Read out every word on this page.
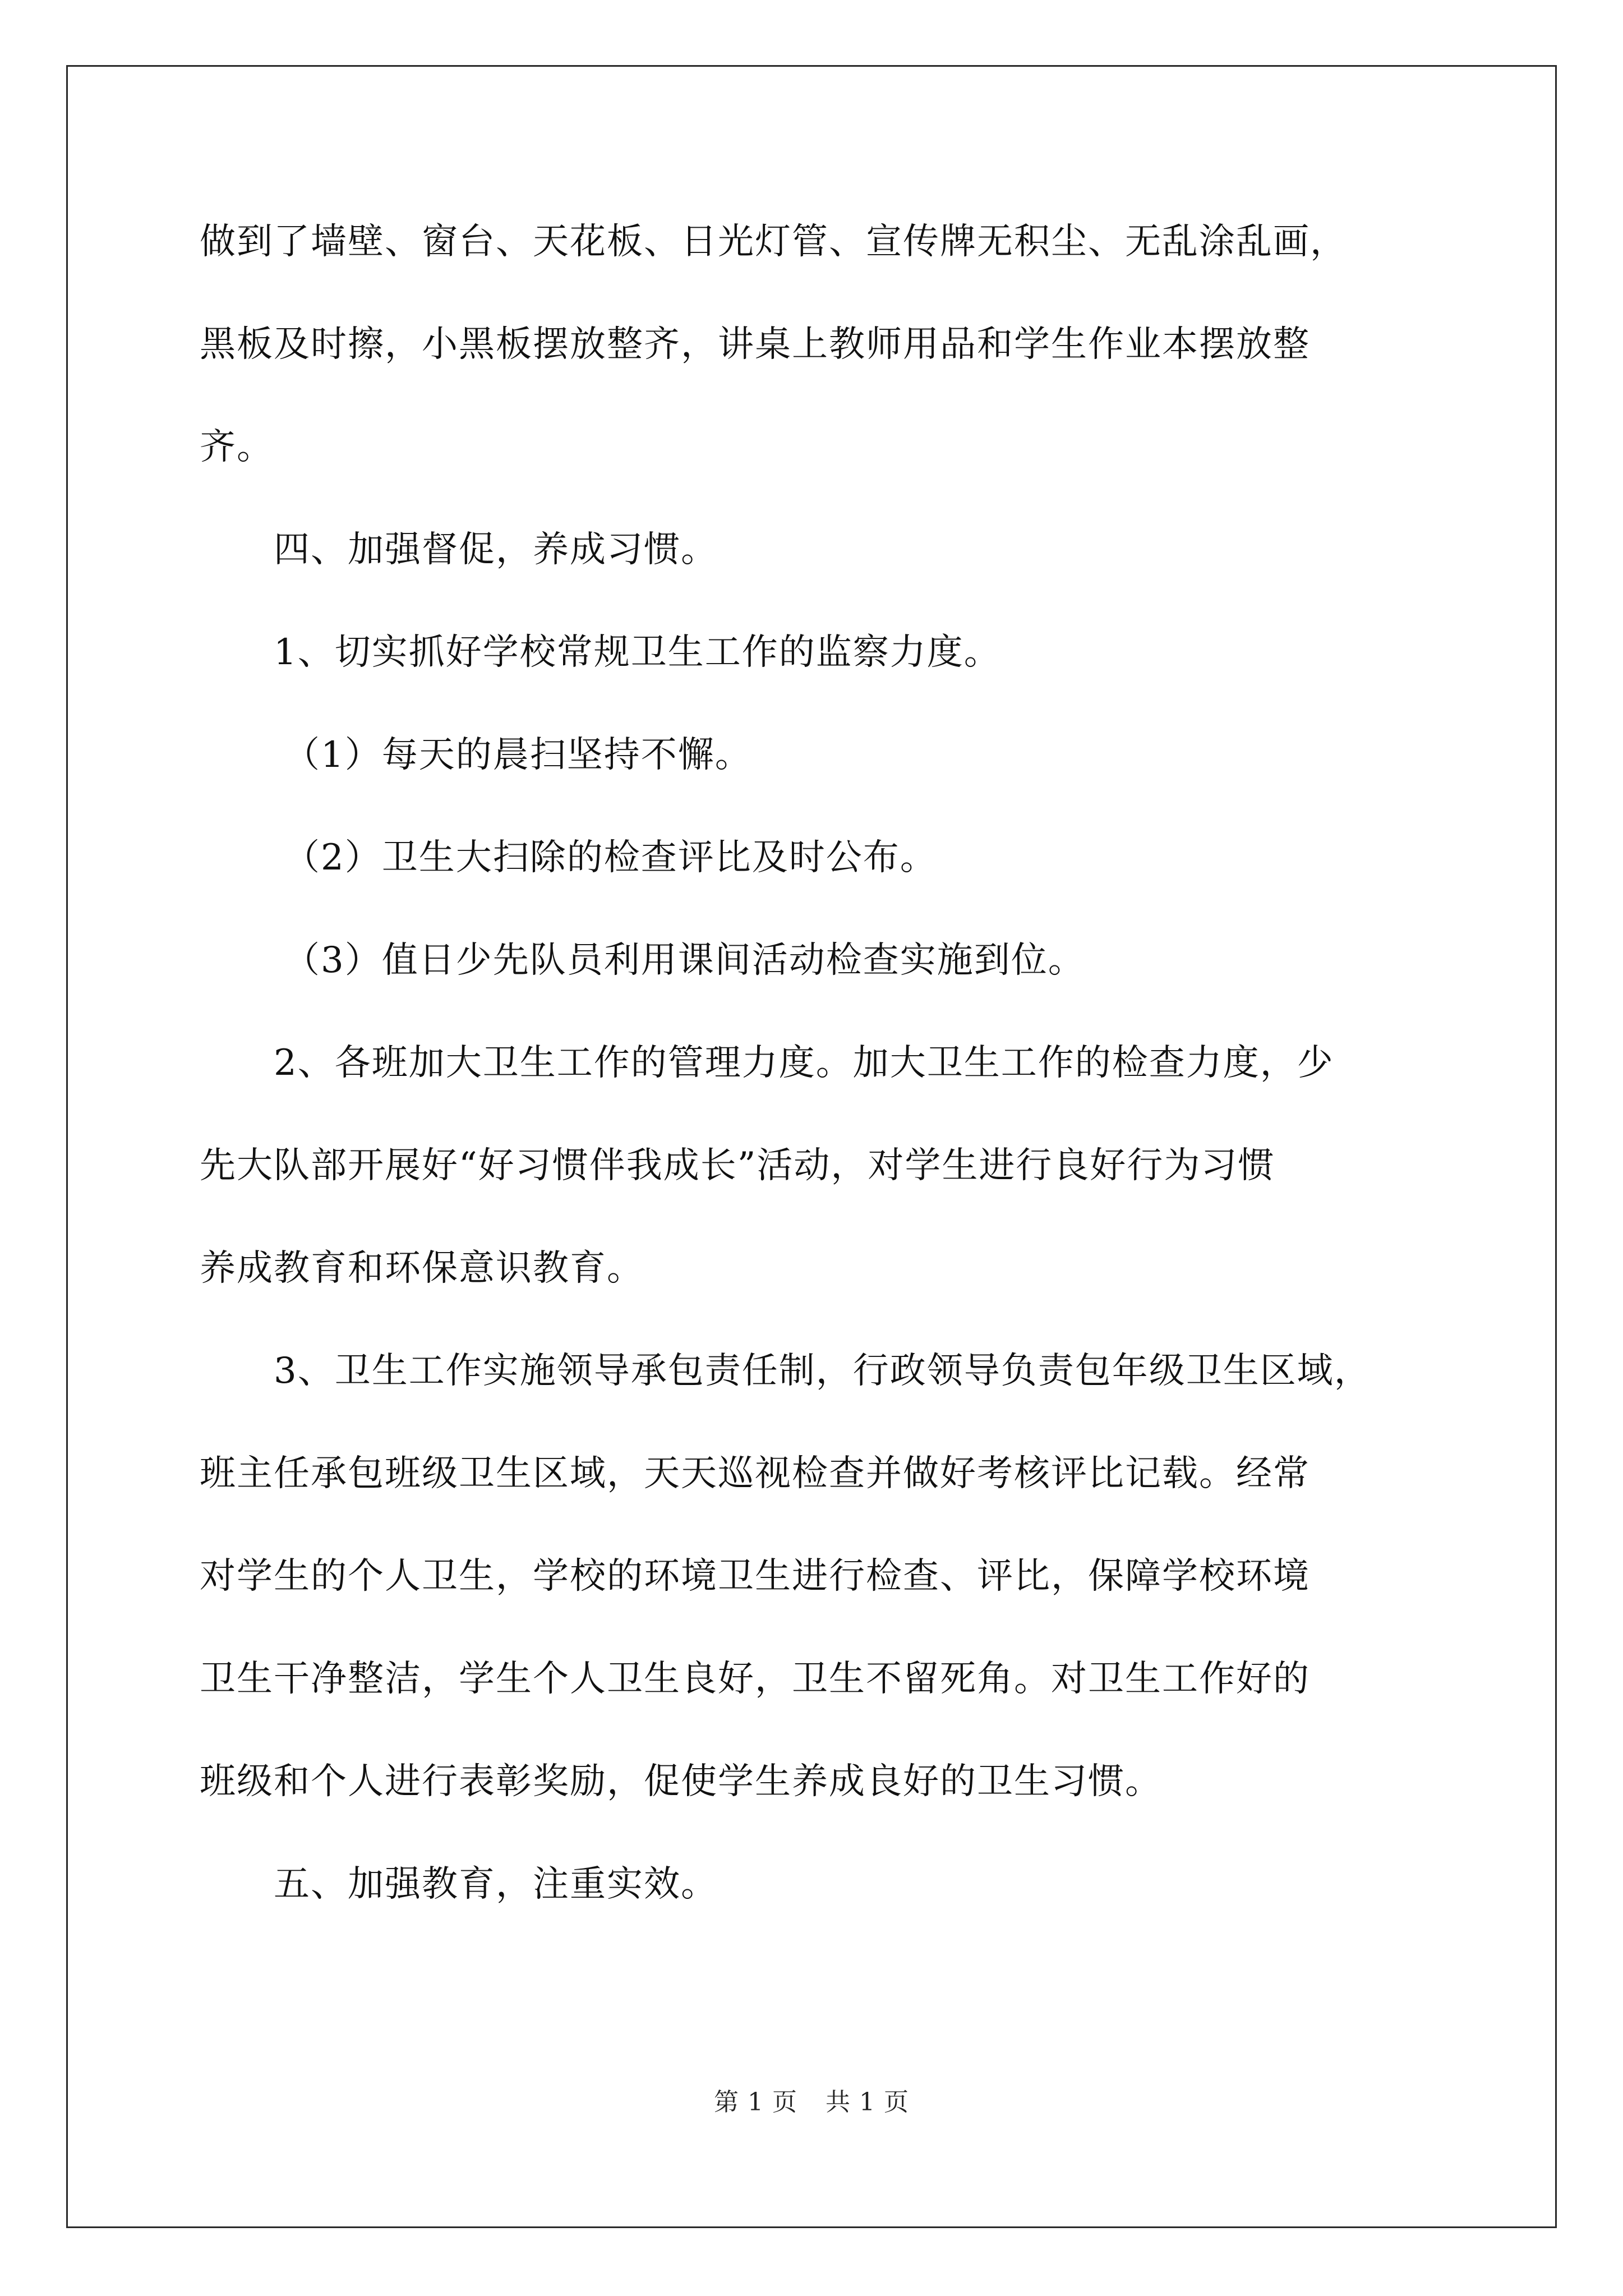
做到了墙壁、窗台、天花板、日光灯管、宣传牌无积尘、无乱涂乱画，
黑板及时擦，小黑板摆放整齐，讲桌上教师用品和学生作业本摆放整
齐。
四、加强督促，养成习惯。
1、切实抓好学校常规卫生工作的监察力度。
（1）每天的晨扫坚持不懈。
（2）卫生大扫除的检查评比及时公布。
（3）值日少先队员利用课间活动检查实施到位。
2、各班加大卫生工作的管理力度。加大卫生工作的检查力度，少
先大队部开展好“好习惯伴我成长”活动，对学生进行良好行为习惯
养成教育和环保意识教育。
3、卫生工作实施领导承包责任制，行政领导负责包年级卫生区域，
班主任承包班级卫生区域，天天巡视检查并做好考核评比记载。经常
对学生的个人卫生，学校的环境卫生进行检查、评比，保障学校环境
卫生干净整洁，学生个人卫生良好，卫生不留死角。对卫生工作好的
班级和个人进行表彰奖励，促使学生养成良好的卫生习惯。
五、加强教育，注重实效。
第 1 页 共 1 页
